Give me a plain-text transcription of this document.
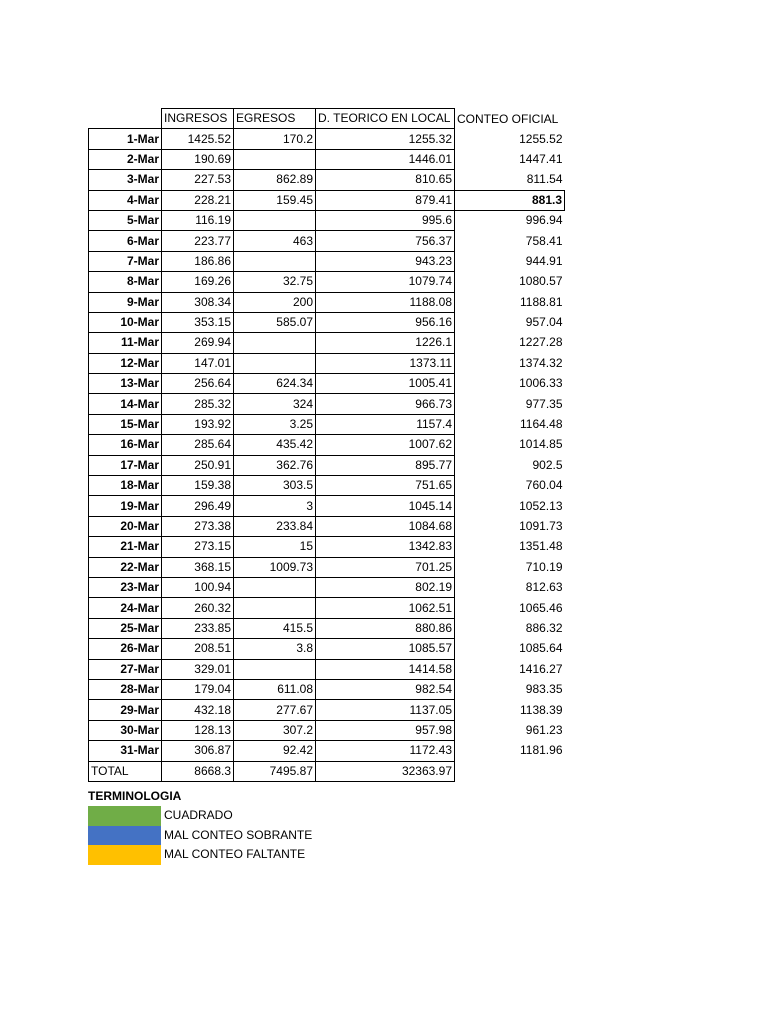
	INGRESOS	EGRESOS	D. TEORICO EN LOCAL	CONTEO OFICIAL
1-Mar	1425.52	170.2	1255.32	1255.52
2-Mar	190.69		1446.01	1447.41
3-Mar	227.53	862.89	810.65	811.54
4-Mar	228.21	159.45	879.41	881.3
5-Mar	116.19		995.6	996.94
6-Mar	223.77	463	756.37	758.41
7-Mar	186.86		943.23	944.91
8-Mar	169.26	32.75	1079.74	1080.57
9-Mar	308.34	200	1188.08	1188.81
10-Mar	353.15	585.07	956.16	957.04
11-Mar	269.94		1226.1	1227.28
12-Mar	147.01		1373.11	1374.32
13-Mar	256.64	624.34	1005.41	1006.33
14-Mar	285.32	324	966.73	977.35
15-Mar	193.92	3.25	1157.4	1164.48
16-Mar	285.64	435.42	1007.62	1014.85
17-Mar	250.91	362.76	895.77	902.5
18-Mar	159.38	303.5	751.65	760.04
19-Mar	296.49	3	1045.14	1052.13
20-Mar	273.38	233.84	1084.68	1091.73
21-Mar	273.15	15	1342.83	1351.48
22-Mar	368.15	1009.73	701.25	710.19
23-Mar	100.94		802.19	812.63
24-Mar	260.32		1062.51	1065.46
25-Mar	233.85	415.5	880.86	886.32
26-Mar	208.51	3.8	1085.57	1085.64
27-Mar	329.01		1414.58	1416.27
28-Mar	179.04	611.08	982.54	983.35
29-Mar	432.18	277.67	1137.05	1138.39
30-Mar	128.13	307.2	957.98	961.23
31-Mar	306.87	92.42	1172.43	1181.96
TOTAL	8668.3	7495.87	32363.97	
TERMINOLOGIA
CUADRADO
MAL CONTEO SOBRANTE
MAL CONTEO FALTANTE
